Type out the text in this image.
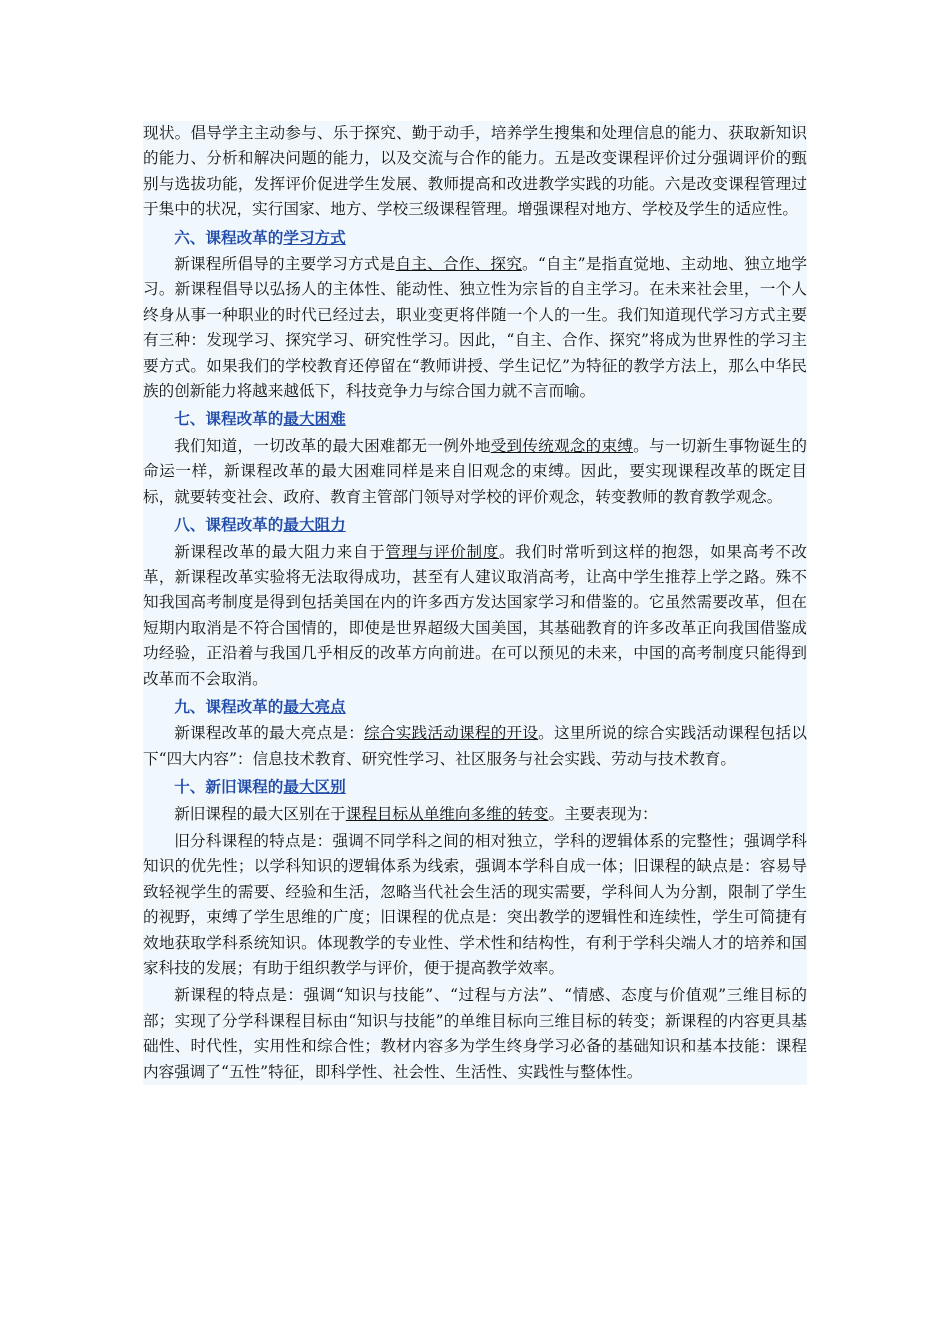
现状。倡导学主主动参与、乐于探究、勤于动手，培养学生搜集和处理信息的能力、获取新知识的能力、分析和解决问题的能力，以及交流与合作的能力。五是改变课程评价过分强调评价的甄别与选拔功能，发挥评价促进学生发展、教师提高和改进教学实践的功能。六是改变课程管理过于集中的状况，实行国家、地方、学校三级课程管理。增强课程对地方、学校及学生的适应性。

六、课程改革的学习方式

新课程所倡导的主要学习方式是自主、合作、探究。“自主”是指直觉地、主动地、独立地学习。新课程倡导以弘扬人的主体性、能动性、独立性为宗旨的自主学习。在未来社会里，一个人终身从事一种职业的时代已经过去，职业变更将伴随一个人的一生。我们知道现代学习方式主要有三种：发现学习、探究学习、研究性学习。因此，“自主、合作、探究”将成为世界性的学习主要方式。如果我们的学校教育还停留在“教师讲授、学生记忆”为特征的教学方法上，那么中华民族的创新能力将越来越低下，科技竞争力与综合国力就不言而喻。

七、课程改革的最大困难

我们知道，一切改革的最大困难都无一例外地受到传统观念的束缚。与一切新生事物诞生的命运一样，新课程改革的最大困难同样是来自旧观念的束缚。因此，要实现课程改革的既定目标，就要转变社会、政府、教育主管部门领导对学校的评价观念，转变教师的教育教学观念。

八、课程改革的最大阻力

新课程改革的最大阻力来自于管理与评价制度。我们时常听到这样的抱怨，如果高考不改革，新课程改革实验将无法取得成功，甚至有人建议取消高考，让高中学生推荐上学之路。殊不知我国高考制度是得到包括美国在内的许多西方发达国家学习和借鉴的。它虽然需要改革，但在短期内取消是不符合国情的，即使是世界超级大国美国，其基础教育的许多改革正向我国借鉴成功经验，正沿着与我国几乎相反的改革方向前进。在可以预见的未来，中国的高考制度只能得到改革而不会取消。

九、课程改革的最大亮点

新课程改革的最大亮点是：综合实践活动课程的开设。这里所说的综合实践活动课程包括以下“四大内容”：信息技术教育、研究性学习、社区服务与社会实践、劳动与技术教育。

十、新旧课程的最大区别

新旧课程的最大区别在于课程目标从单维向多维的转变。主要表现为：

旧分科课程的特点是：强调不同学科之间的相对独立，学科的逻辑体系的完整性；强调学科知识的优先性；以学科知识的逻辑体系为线索，强调本学科自成一体；旧课程的缺点是：容易导致轻视学生的需要、经验和生活，忽略当代社会生活的现实需要，学科间人为分割，限制了学生的视野，束缚了学生思维的广度；旧课程的优点是：突出教学的逻辑性和连续性，学生可简捷有效地获取学科系统知识。体现教学的专业性、学术性和结构性，有利于学科尖端人才的培养和国家科技的发展；有助于组织教学与评价，便于提高教学效率。

新课程的特点是：强调“知识与技能”、“过程与方法”、“情感、态度与价值观”三维目标的部；实现了分学科课程目标由“知识与技能”的单维目标向三维目标的转变；新课程的内容更具基础性、时代性，实用性和综合性；教材内容多为学生终身学习必备的基础知识和基本技能：课程内容强调了“五性”特征，即科学性、社会性、生活性、实践性与整体性。
